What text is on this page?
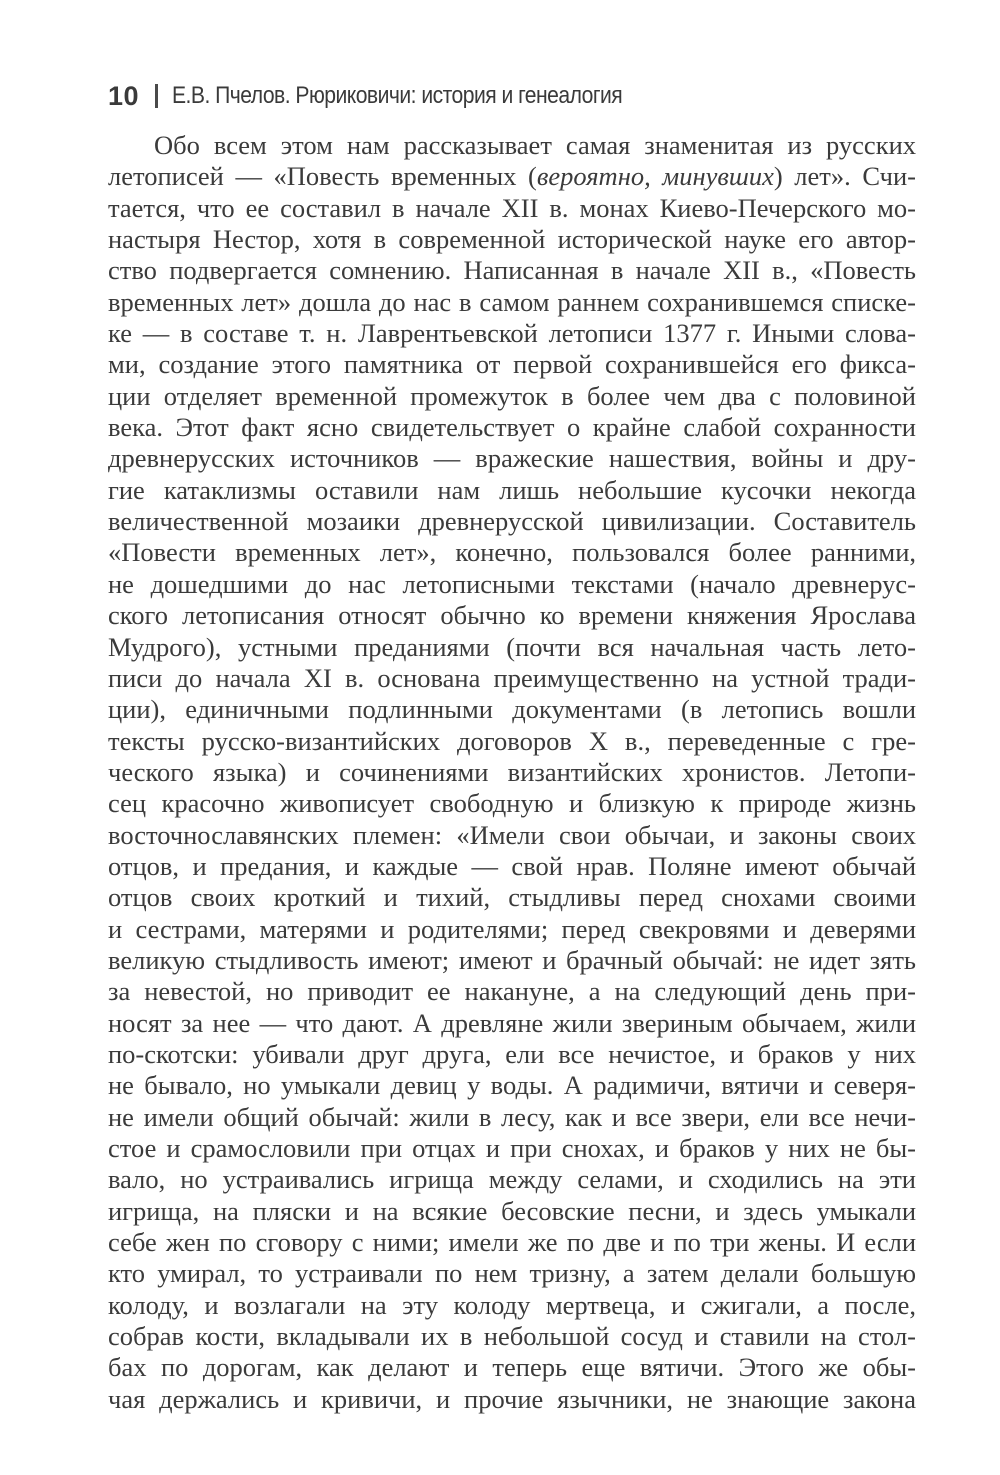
10 Е.В. Пчелов. Рюриковичи: история и генеалогия
Обо всем этом нам рассказывает самая знаменитая из русских
летописей — «Повесть временных (вероятно, минувших) лет». Счи-
тается, что ее составил в начале XII в. монах Киево-Печерского мо-
настыря Нестор, хотя в современной исторической науке его автор-
ство подвергается сомнению. Написанная в начале XII в., «Повесть
временных лет» дошла до нас в самом раннем сохранившемся списке-
ке — в составе т. н. Лаврентьевской летописи 1377 г. Иными слова-
ми, создание этого памятника от первой сохранившейся его фикса-
ции отделяет временной промежуток в более чем два с половиной
века. Этот факт ясно свидетельствует о крайне слабой сохранности
древнерусских источников — вражеские нашествия, войны и дру-
гие катаклизмы оставили нам лишь небольшие кусочки некогда
величественной мозаики древнерусской цивилизации. Составитель
«Повести временных лет», конечно, пользовался более ранними,
не дошедшими до нас летописными текстами (начало древнерус-
ского летописания относят обычно ко времени княжения Ярослава
Мудрого), устными преданиями (почти вся начальная часть лето-
писи до начала XI в. основана преимущественно на устной тради-
ции), единичными подлинными документами (в летопись вошли
тексты русско-византийских договоров X в., переведенные с гре-
ческого языка) и сочинениями византийских хронистов. Летопи-
сец красочно живописует свободную и близкую к природе жизнь
восточнославянских племен: «Имели свои обычаи, и законы своих
отцов, и предания, и каждые — свой нрав. Поляне имеют обычай
отцов своих кроткий и тихий, стыдливы перед снохами своими
и сестрами, матерями и родителями; перед свекровями и деверями
великую стыдливость имеют; имеют и брачный обычай: не идет зять
за невестой, но приводит ее накануне, а на следующий день при-
носят за нее — что дают. А древляне жили звериным обычаем, жили
по-скотски: убивали друг друга, ели все нечистое, и браков у них
не бывало, но умыкали девиц у воды. А радимичи, вятичи и северя-
не имели общий обычай: жили в лесу, как и все звери, ели все нечи-
стое и срамословили при отцах и при снохах, и браков у них не бы-
вало, но устраивались игрища между селами, и сходились на эти
игрища, на пляски и на всякие бесовские песни, и здесь умыкали
себе жен по сговору с ними; имели же по две и по три жены. И если
кто умирал, то устраивали по нем тризну, а затем делали большую
колоду, и возлагали на эту колоду мертвеца, и сжигали, а после,
собрав кости, вкладывали их в небольшой сосуд и ставили на стол-
бах по дорогам, как делают и теперь еще вятичи. Этого же обы-
чая держались и кривичи, и прочие язычники, не знающие закона
